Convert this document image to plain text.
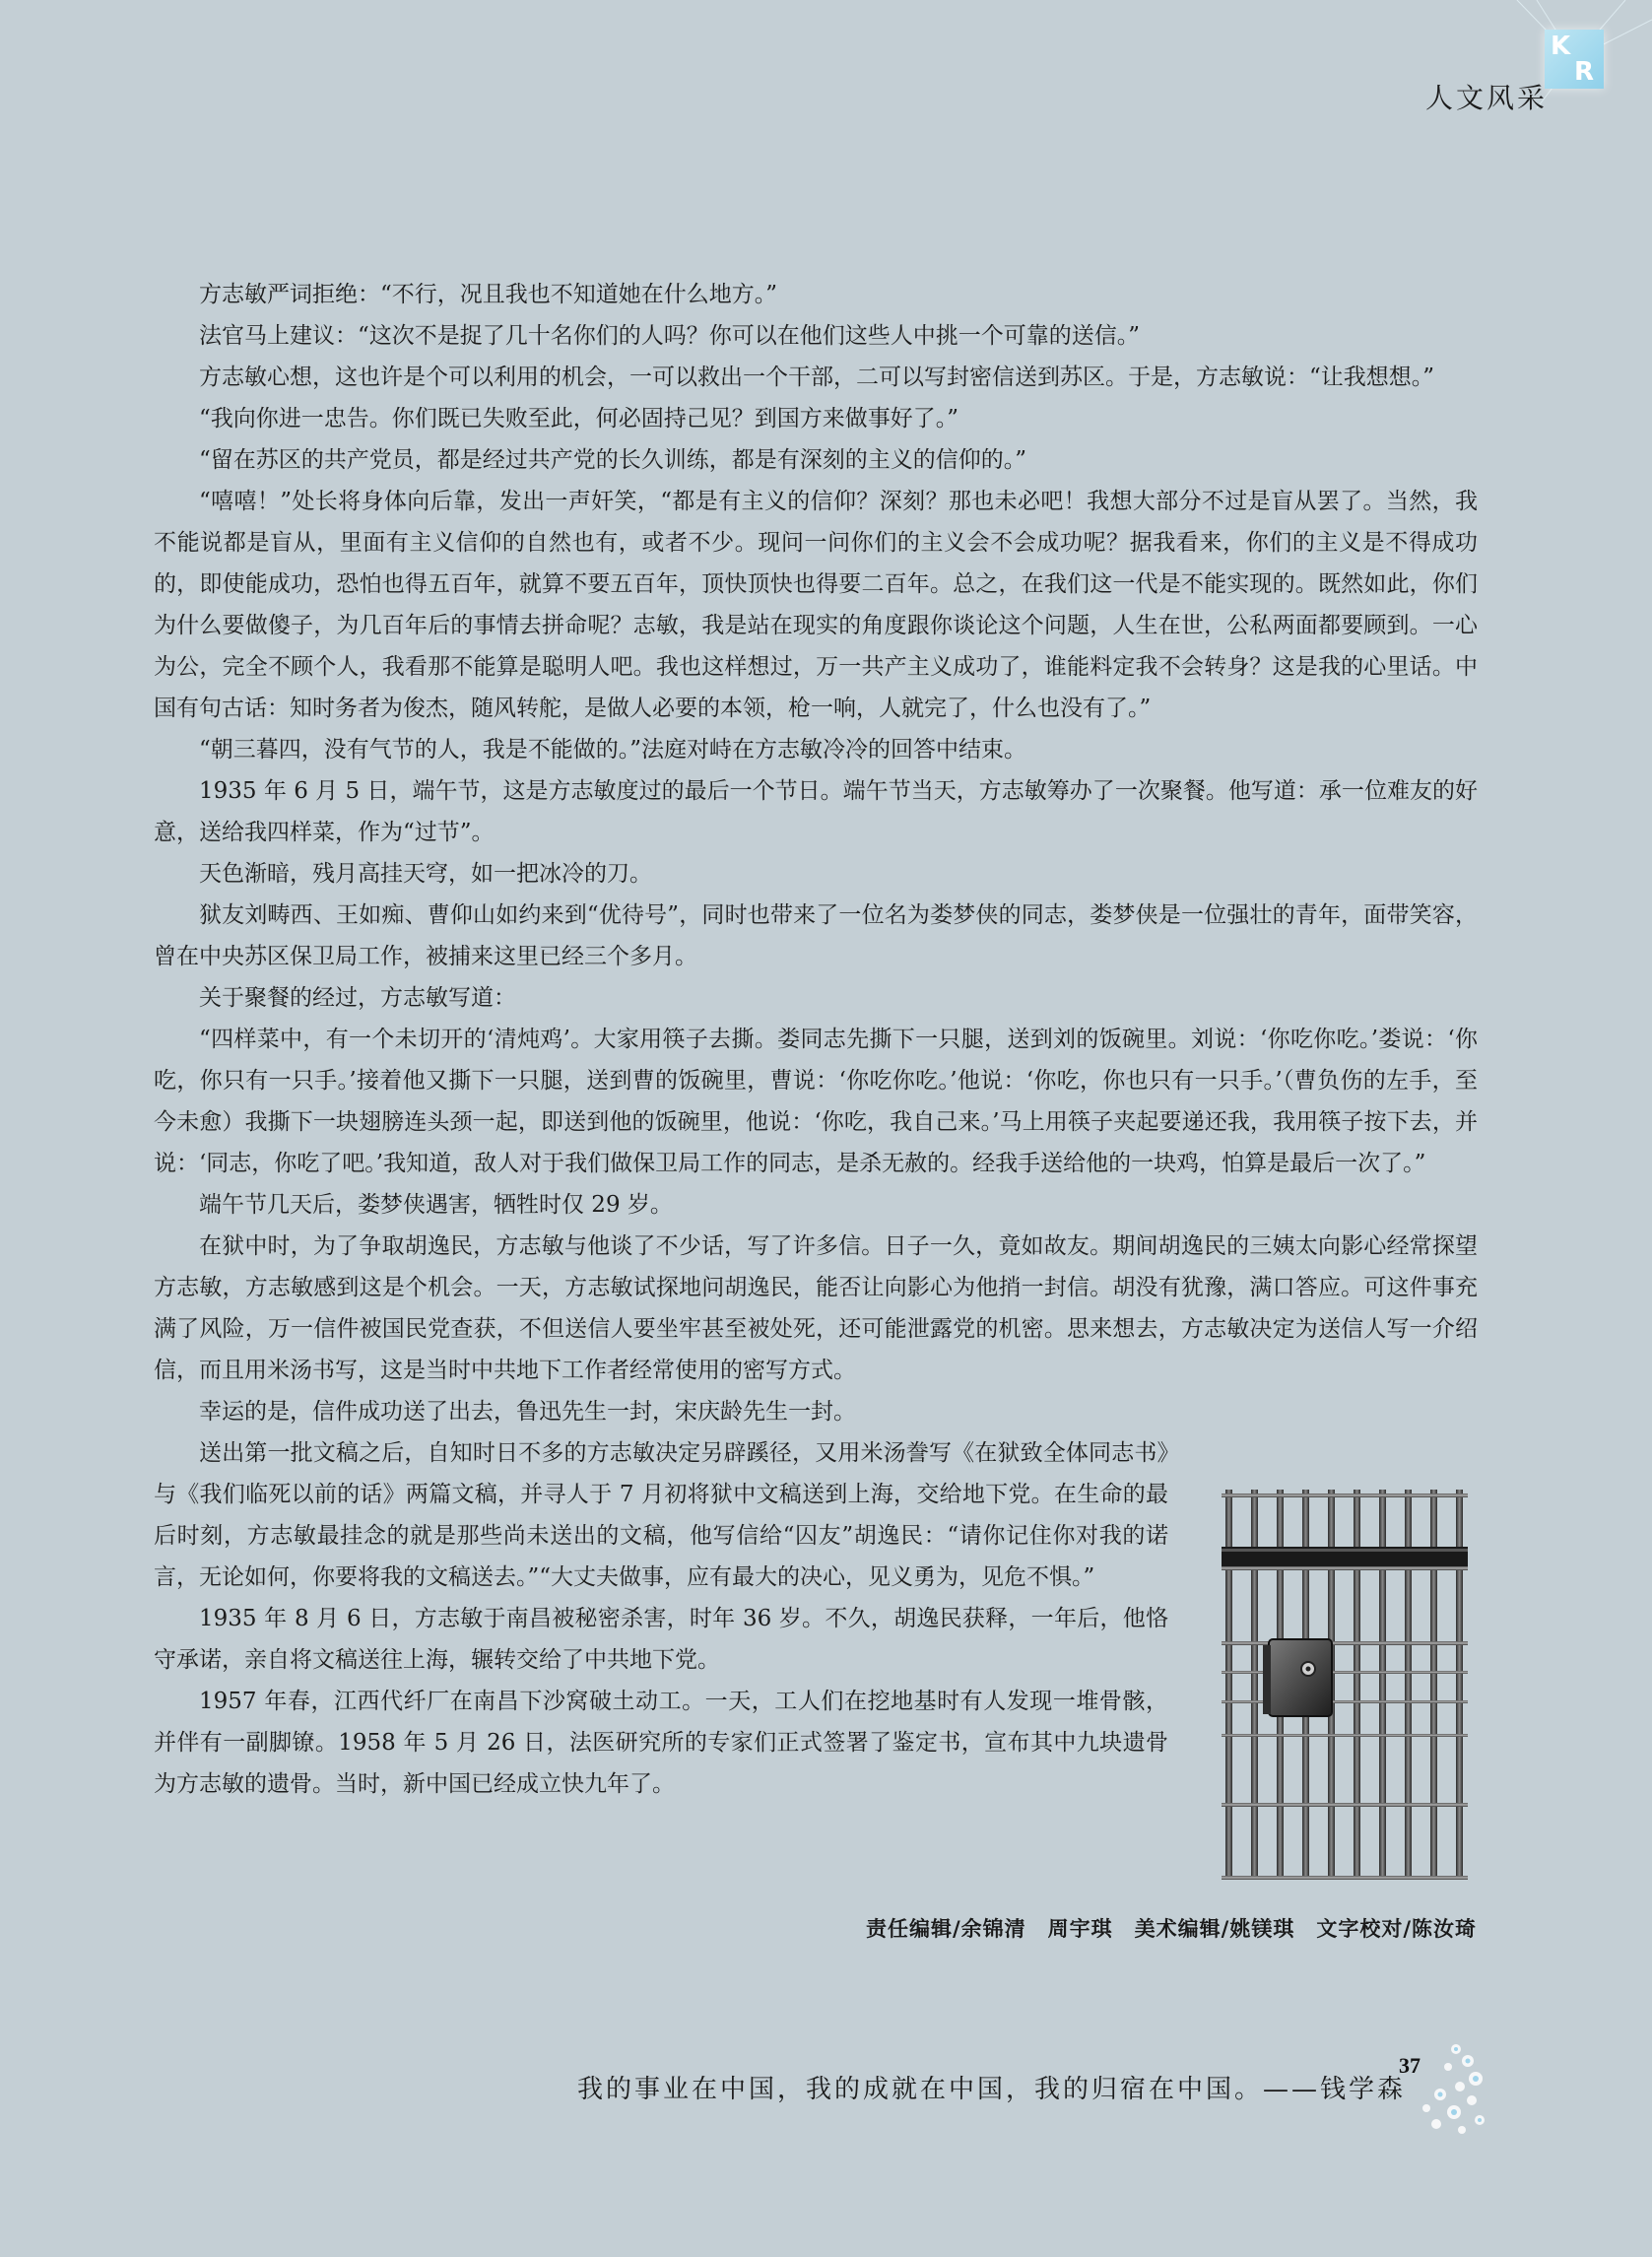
K
R
人文风采

方志敏严词拒绝：“不行，况且我也不知道她在什么地方。”

法官马上建议：“这次不是捉了几十名你们的人吗？你可以在他们这些人中挑一个可靠的送信。”

方志敏心想，这也许是个可以利用的机会，一可以救出一个干部，二可以写封密信送到苏区。于是，方志敏说：“让我想想。”

“我向你进一忠告。你们既已失败至此，何必固持己见？到国方来做事好了。”

“留在苏区的共产党员，都是经过共产党的长久训练，都是有深刻的主义的信仰的。”

“嘻嘻！”处长将身体向后靠，发出一声奸笑，“都是有主义的信仰？深刻？那也未必吧！我想大部分不过是盲从罢了。当然，我不能说都是盲从，里面有主义信仰的自然也有，或者不少。现问一问你们的主义会不会成功呢？据我看来，你们的主义是不得成功的，即使能成功，恐怕也得五百年，就算不要五百年，顶快顶快也得要二百年。总之，在我们这一代是不能实现的。既然如此，你们为什么要做傻子，为几百年后的事情去拼命呢？志敏，我是站在现实的角度跟你谈论这个问题，人生在世，公私两面都要顾到。一心为公，完全不顾个人，我看那不能算是聪明人吧。我也这样想过，万一共产主义成功了，谁能料定我不会转身？这是我的心里话。中国有句古话：知时务者为俊杰，随风转舵，是做人必要的本领，枪一响，人就完了，什么也没有了。”

“朝三暮四，没有气节的人，我是不能做的。”法庭对峙在方志敏冷冷的回答中结束。

1935 年 6 月 5 日，端午节，这是方志敏度过的最后一个节日。端午节当天，方志敏筹办了一次聚餐。他写道：承一位难友的好意，送给我四样菜，作为“过节”。

天色渐暗，残月高挂天穹，如一把冰冷的刀。

狱友刘畴西、王如痴、曹仰山如约来到“优待号”，同时也带来了一位名为娄梦侠的同志，娄梦侠是一位强壮的青年，面带笑容，曾在中央苏区保卫局工作，被捕来这里已经三个多月。

关于聚餐的经过，方志敏写道：

“四样菜中，有一个未切开的‘清炖鸡’。大家用筷子去撕。娄同志先撕下一只腿，送到刘的饭碗里。刘说：‘你吃你吃。’娄说：‘你吃，你只有一只手。’接着他又撕下一只腿，送到曹的饭碗里，曹说：‘你吃你吃。’他说：‘你吃，你也只有一只手。’（曹负伤的左手，至今未愈）我撕下一块翅膀连头颈一起，即送到他的饭碗里，他说：‘你吃，我自己来。’马上用筷子夹起要递还我，我用筷子按下去，并说：‘同志，你吃了吧。’我知道，敌人对于我们做保卫局工作的同志，是杀无赦的。经我手送给他的一块鸡，怕算是最后一次了。”

端午节几天后，娄梦侠遇害，牺牲时仅 29 岁。

在狱中时，为了争取胡逸民，方志敏与他谈了不少话，写了许多信。日子一久，竟如故友。期间胡逸民的三姨太向影心经常探望方志敏，方志敏感到这是个机会。一天，方志敏试探地问胡逸民，能否让向影心为他捎一封信。胡没有犹豫，满口答应。可这件事充满了风险，万一信件被国民党查获，不但送信人要坐牢甚至被处死，还可能泄露党的机密。思来想去，方志敏决定为送信人写一介绍信，而且用米汤书写，这是当时中共地下工作者经常使用的密写方式。

幸运的是，信件成功送了出去，鲁迅先生一封，宋庆龄先生一封。

送出第一批文稿之后，自知时日不多的方志敏决定另辟蹊径，又用米汤誊写《在狱致全体同志书》与《我们临死以前的话》两篇文稿，并寻人于 7 月初将狱中文稿送到上海，交给地下党。在生命的最后时刻，方志敏最挂念的就是那些尚未送出的文稿，他写信给“囚友”胡逸民：“请你记住你对我的诺言，无论如何，你要将我的文稿送去。”“大丈夫做事，应有最大的决心，见义勇为，见危不惧。”

1935 年 8 月 6 日，方志敏于南昌被秘密杀害，时年 36 岁。不久，胡逸民获释，一年后，他恪守承诺，亲自将文稿送往上海，辗转交给了中共地下党。

1957 年春，江西代纤厂在南昌下沙窝破土动工。一天，工人们在挖地基时有人发现一堆骨骸，并伴有一副脚镣。1958 年 5 月 26 日，法医研究所的专家们正式签署了鉴定书，宣布其中九块遗骨为方志敏的遗骨。当时，新中国已经成立快九年了。

责任编辑/余锦清　周宇琪　美术编辑/姚镁琪　文字校对/陈汝琦
我的事业在中国，我的成就在中国，我的归宿在中国。——钱学森
37
